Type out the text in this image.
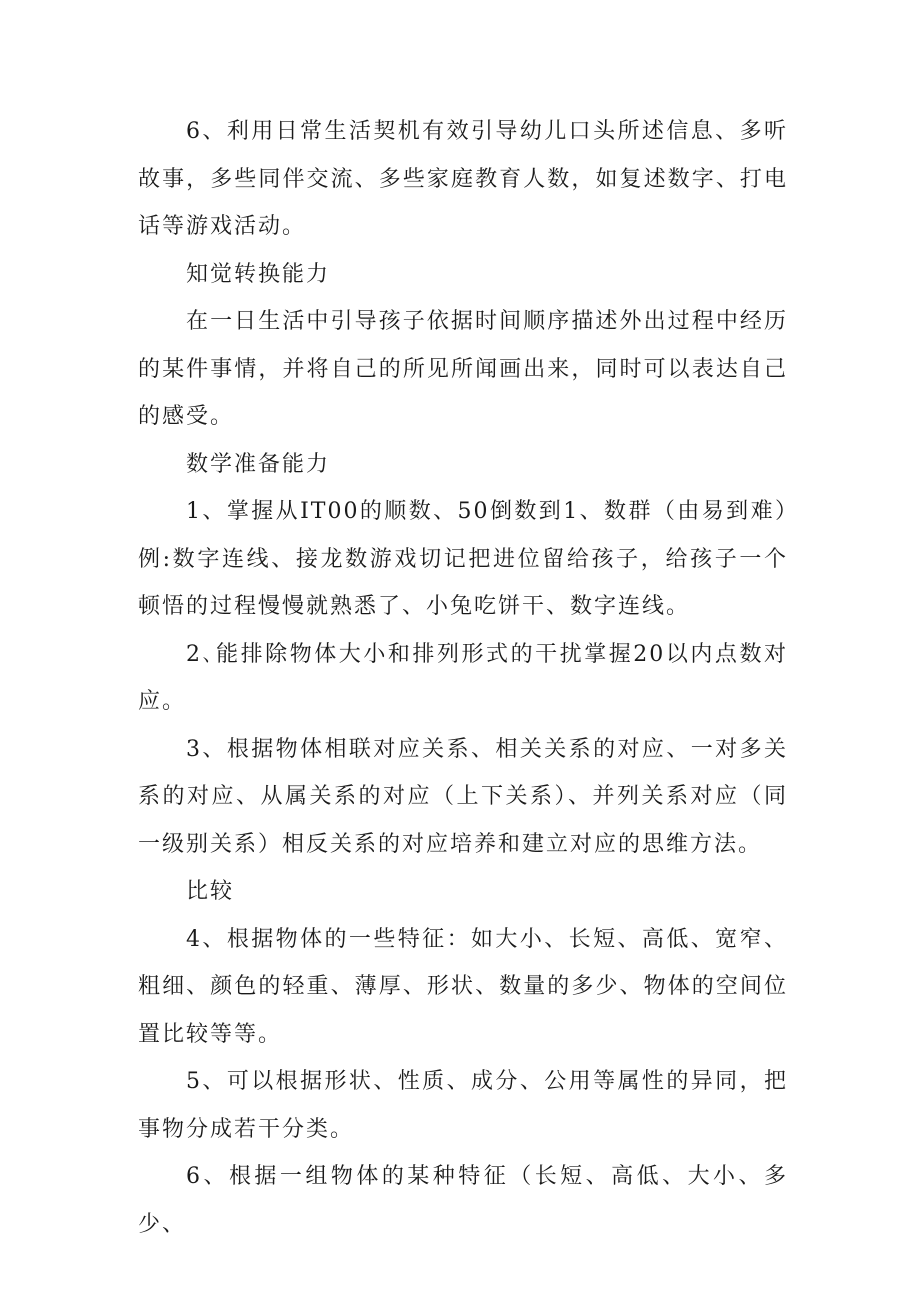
6、利用日常生活契机有效引导幼儿口头所述信息、多听故事，多些同伴交流、多些家庭教育人数，如复述数字、打电话等游戏活动。

知觉转换能力

在一日生活中引导孩子依据时间顺序描述外出过程中经历的某件事情，并将自己的所见所闻画出来，同时可以表达自己的感受。

数学准备能力

1、掌握从IT00的顺数、50倒数到1、数群（由易到难）例:数字连线、接龙数游戏切记把进位留给孩子，给孩子一个顿悟的过程慢慢就熟悉了、小兔吃饼干、数字连线。

2､能排除物体大小和排列形式的干扰掌握20以内点数对应。

3、根据物体相联对应关系、相关关系的对应、一对多关系的对应、从属关系的对应（上下关系）、并列关系对应（同一级别关系）相反关系的对应培养和建立对应的思维方法。

比较

4、根据物体的一些特征：如大小、长短、高低、宽窄、粗细、颜色的轻重、薄厚、形状、数量的多少、物体的空间位置比较等等。

5、可以根据形状、性质、成分、公用等属性的异同，把事物分成若干分类。

6、根据一组物体的某种特征（长短、高低、大小、多少、
